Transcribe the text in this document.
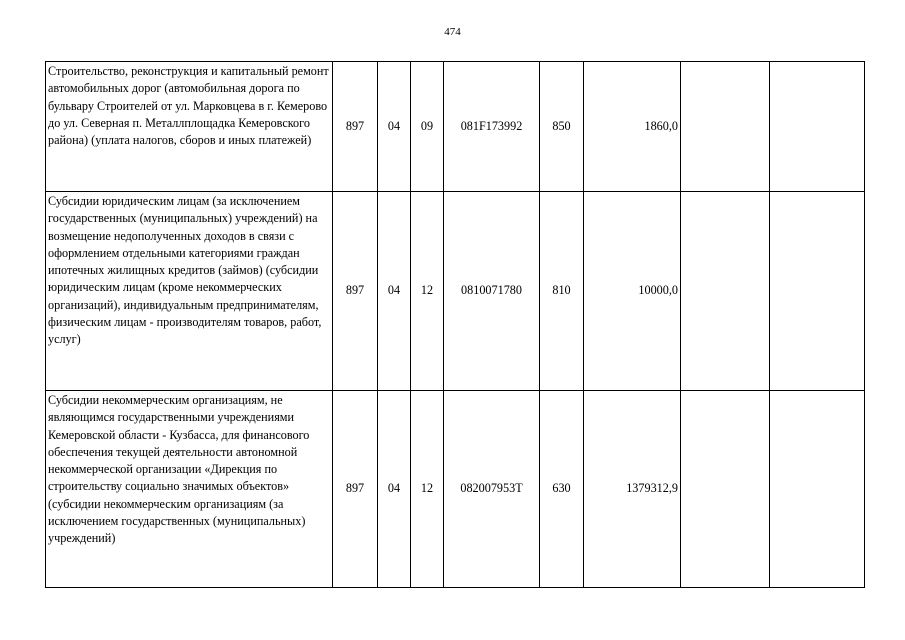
474
Строительство, реконструкция и капитальный ремонт автомобильных дорог (автомобильная дорога по бульвару Строителей от ул. Марковцева в г. Кемерово до ул. Северная п. Металлплощадка Кемеровского района) (уплата налогов, сборов и иных платежей)	897	04	09	081F173992	850	1860,0		
Субсидии юридическим лицам (за исключением государственных (муниципальных) учреждений) на возмещение недополученных доходов в связи с оформлением отдельными категориями граждан ипотечных жилищных кредитов (займов) (субсидии юридическим лицам (кроме некоммерческих организаций), индивидуальным предпринимателям, физическим лицам - производителям товаров, работ, услуг)	897	04	12	0810071780	810	10000,0		
Субсидии некоммерческим организациям, не являющимся государственными учреждениями Кемеровской области - Кузбасса, для финансового обеспечения текущей деятельности автономной некоммерческой организации «Дирекция по строительству социально значимых объектов» (субсидии некоммерческим организациям (за исключением государственных (муниципальных) учреждений)	897	04	12	082007953Т	630	1379312,9		
